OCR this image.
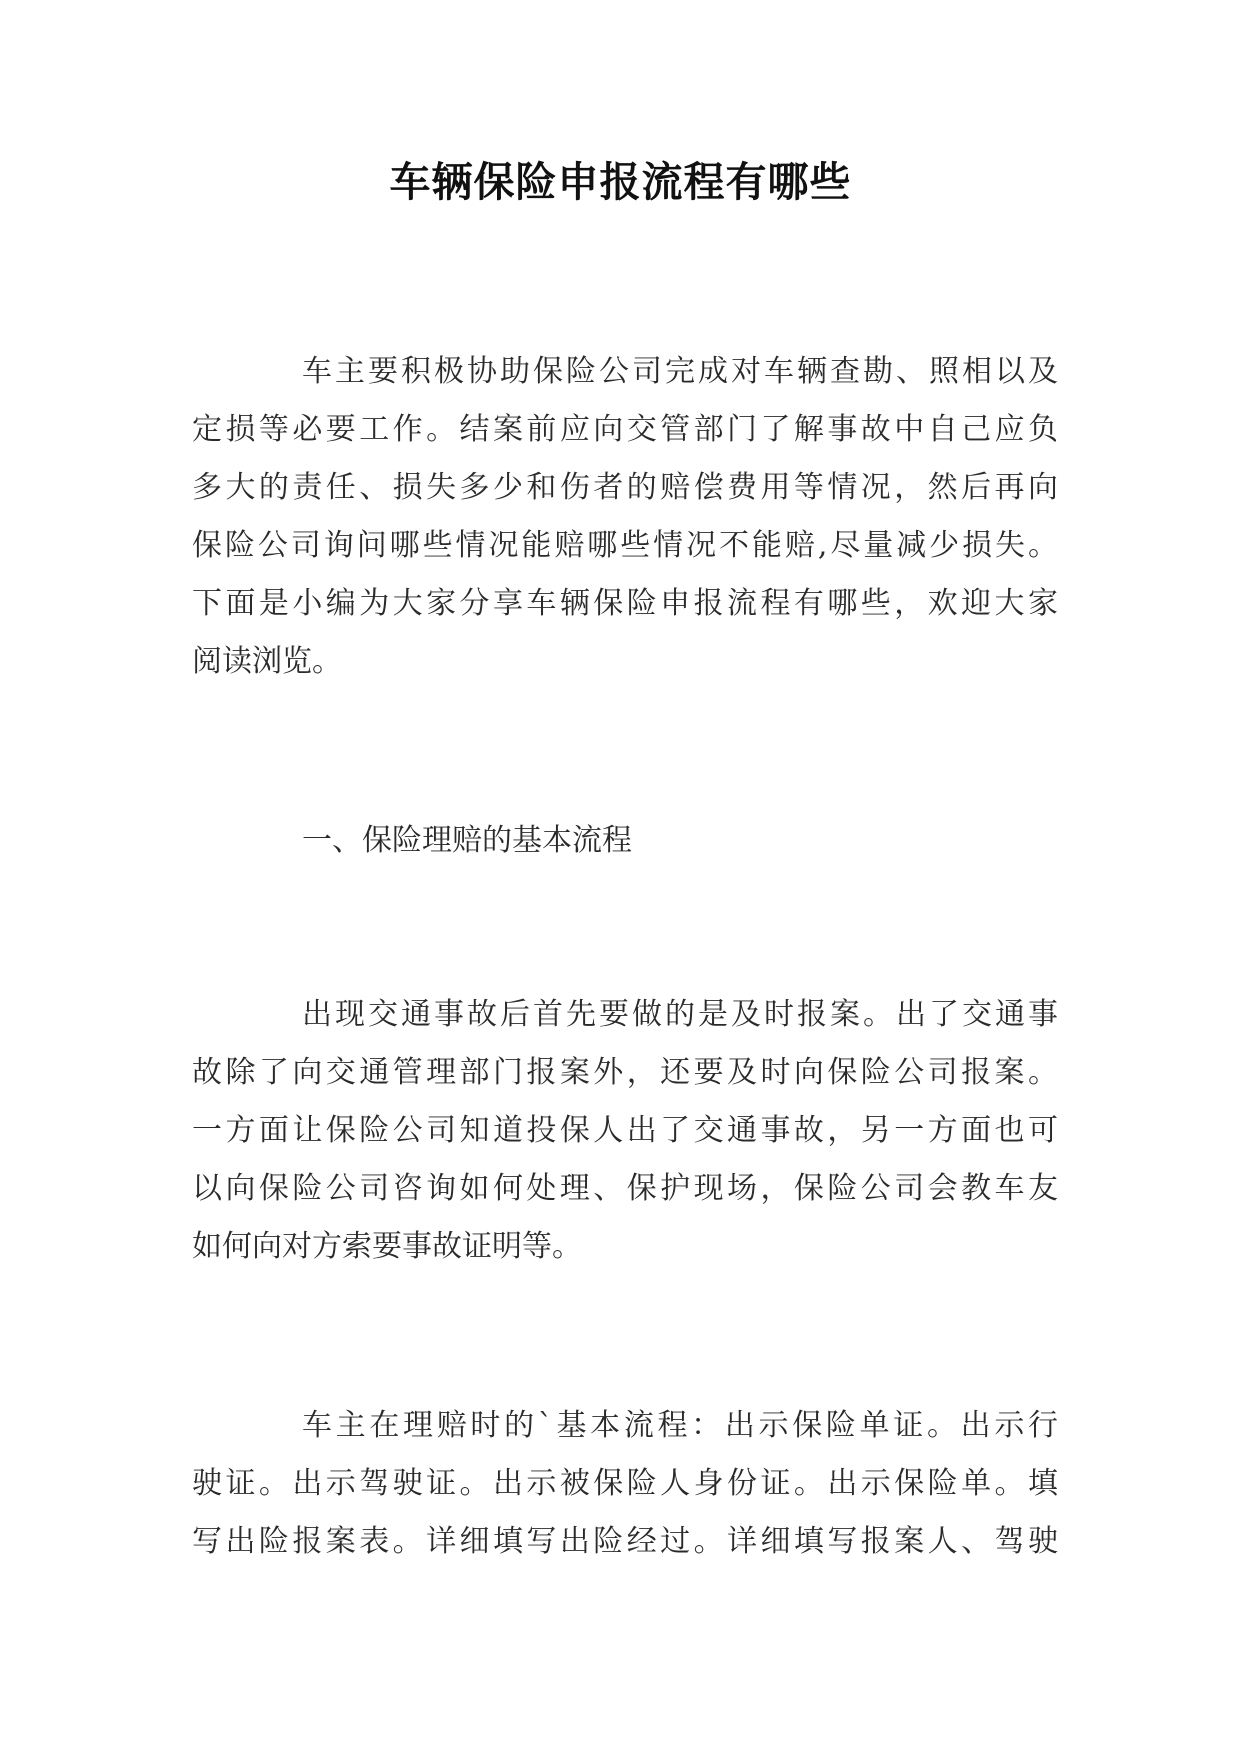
车辆保险申报流程有哪些
车主要积极协助保险公司完成对车辆查勘、照相以及
定损等必要工作。结案前应向交管部门了解事故中自己应负
多大的责任、损失多少和伤者的赔偿费用等情况，然后再向
保险公司询问哪些情况能赔哪些情况不能赔,尽量减少损失。
下面是小编为大家分享车辆保险申报流程有哪些，欢迎大家
阅读浏览。
一、保险理赔的基本流程
出现交通事故后首先要做的是及时报案。出了交通事
故除了向交通管理部门报案外，还要及时向保险公司报案。
一方面让保险公司知道投保人出了交通事故，另一方面也可
以向保险公司咨询如何处理、保护现场，保险公司会教车友
如何向对方索要事故证明等。
车主在理赔时的`基本流程：出示保险单证。出示行
驶证。出示驾驶证。出示被保险人身份证。出示保险单。填
写出险报案表。详细填写出险经过。详细填写报案人、驾驶
